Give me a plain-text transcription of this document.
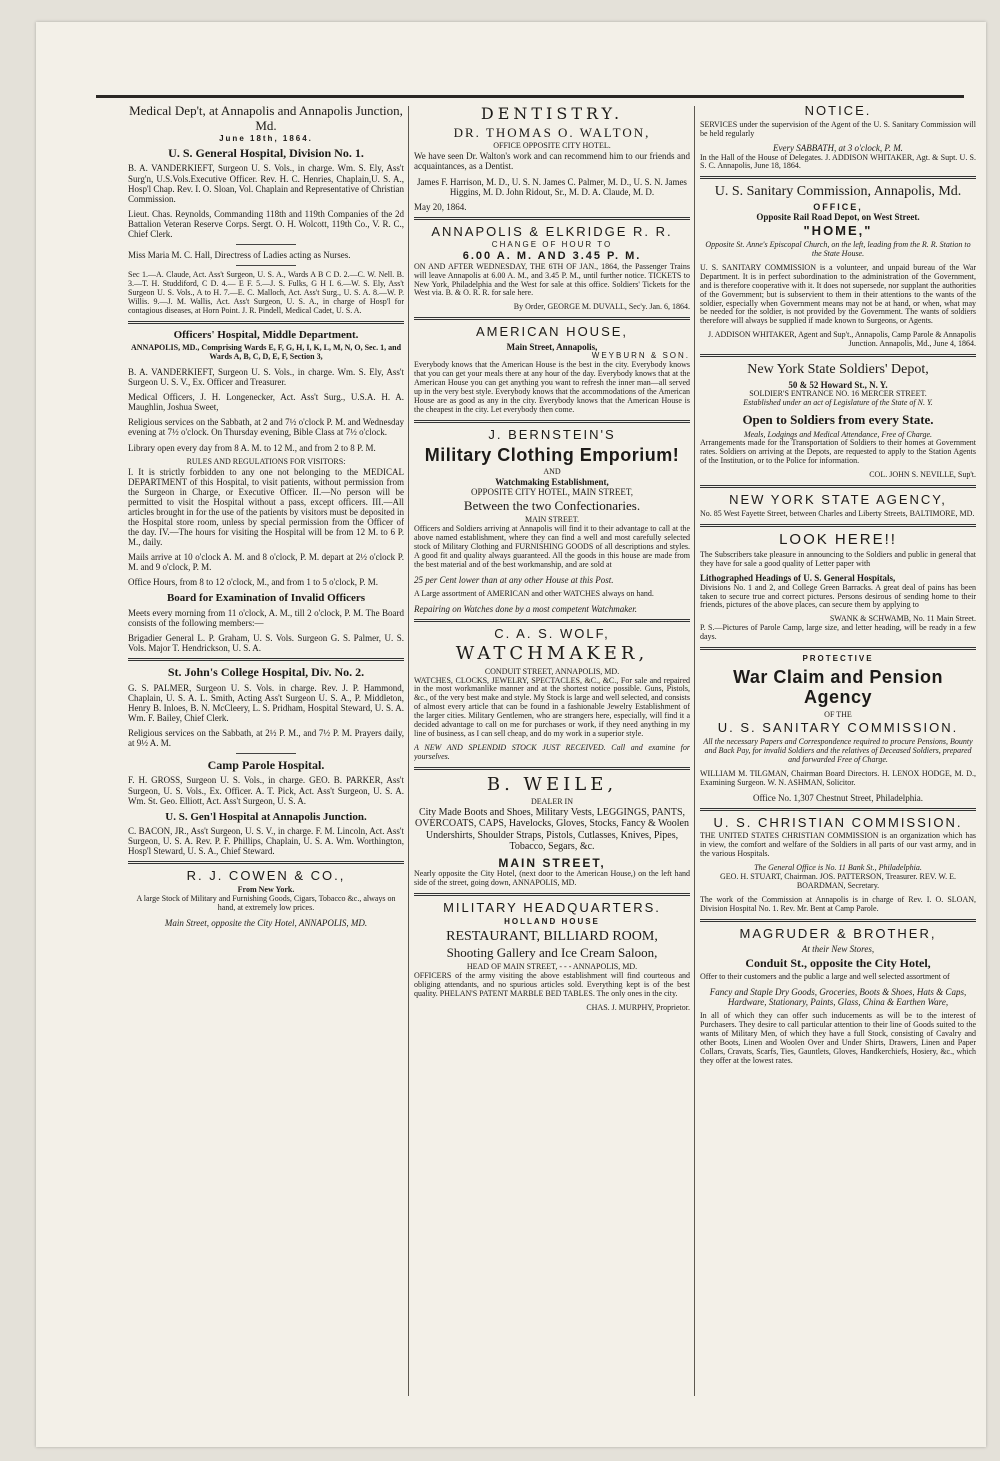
Medical Dep't, at Annapolis and Annapolis Junction, Md.
June 18th, 1864.
U. S. General Hospital, Division No. 1.

B. A. VANDERKIEFT, Surgeon U. S. Vols., in charge. Wm. S. Ely, Ass't Surg'n, U.S.Vols.Executive Officer. Rev. H. C. Henries, Chaplain,U. S. A., Hosp'l Chap. Rev. I. O. Sloan, Vol. Chaplain and Representative of Christian Commission.

Lieut. Chas. Reynolds, Commanding 118th and 119th Companies of the 2d Battalion Veteran Reserve Corps. Sergt. O. H. Wolcott, 119th Co., V. R. C., Chief Clerk.

Miss Maria M. C. Hall, Directress of Ladies acting as Nurses.

Sec 1.—A. Claude, Act. Ass't Surgeon, U. S. A., Wards A B C D. 2.—C. W. Nell. B. 3.—T. H. Studdiford, C D. 4.— E F. 5.—J. S. Fulks, G H I. 6.—W. S. Ely, Ass't Surgeon U. S. Vols., A to H. 7.—E. C. Malloch, Act. Ass't Surg., U. S. A. 8.—W. P. Willis. 9.—J. M. Wallis, Act. Ass't Surgeon, U. S. A., in charge of Hosp'l for contagious diseases, at Horn Point. J. R. Pindell, Medical Cadet, U. S. A.

Officers' Hospital, Middle Department.

ANNAPOLIS, MD., Comprising Wards E, F, G, H, I, K, L, M, N, O, Sec. 1, and Wards A, B, C, D, E, F, Section 3,

B. A. VANDERKIEFT, Surgeon U. S. Vols., in charge. Wm. S. Ely, Ass't Surgeon U. S. V., Ex. Officer and Treasurer.

Medical Officers, J. H. Longenecker, Act. Ass't Surg., U.S.A. H. A. Maughlin, Joshua Sweet,

Religious services on the Sabbath, at 2 and 7½ o'clock P. M. and Wednesday evening at 7½ o'clock. On Thursday evening, Bible Class at 7½ o'clock.

Library open every day from 8 A. M. to 12 M., and from 2 to 8 P. M.

RULES AND REGULATIONS FOR VISITORS:

I. It is strictly forbidden to any one not belonging to the MEDICAL DEPARTMENT of this Hospital, to visit patients, without permission from the Surgeon in Charge, or Executive Officer. II.—No person will be permitted to visit the Hospital without a pass, except officers. III.—All articles brought in for the use of the patients by visitors must be deposited in the Hospital store room, unless by special permission from the Officer of the day. IV.—The hours for visiting the Hospital will be from 12 M. to 6 P. M., daily.

Mails arrive at 10 o'clock A. M. and 8 o'clock, P. M. depart at 2½ o'clock P. M. and 9 o'clock, P. M.

Office Hours, from 8 to 12 o'clock, M., and from 1 to 5 o'clock, P. M.

Board for Examination of Invalid Officers

Meets every morning from 11 o'clock, A. M., till 2 o'clock, P. M. The Board consists of the following members:—

Brigadier General L. P. Graham, U. S. Vols. Surgeon G. S. Palmer, U. S. Vols. Major T. Hendrickson, U. S. A.

St. John's College Hospital, Div. No. 2.

G. S. PALMER, Surgeon U. S. Vols. in charge. Rev. J. P. Hammond, Chaplain, U. S. A. L. Smith, Acting Ass't Surgeon U. S. A., P. Middleton, Henry B. Inloes, B. N. McCleery, L. S. Pridham, Hospital Steward, U. S. A. Wm. F. Bailey, Chief Clerk.

Religious services on the Sabbath, at 2½ P. M., and 7½ P. M. Prayers daily, at 9½ A. M.

Camp Parole Hospital.

F. H. GROSS, Surgeon U. S. Vols., in charge. GEO. B. PARKER, Ass't Surgeon, U. S. Vols., Ex. Officer. A. T. Pick, Act. Ass't Surgeon, U. S. A. Wm. St. Geo. Elliott, Act. Ass't Surgeon, U. S. A.

U. S. Gen'l Hospital at Annapolis Junction.

C. BACON, JR., Ass't Surgeon, U. S. V., in charge. F. M. Lincoln, Act. Ass't Surgeon, U. S. A. Rev. P. F. Phillips, Chaplain, U. S. A. Wm. Worthington, Hosp'l Steward, U. S. A., Chief Steward.

R. J. COWEN & CO.,
From New York.

A large Stock of Military and Furnishing Goods, Cigars, Tobacco &c., always on hand, at extremely low prices.

Main Street, opposite the City Hotel, ANNAPOLIS, MD.

DENTISTRY.
DR. THOMAS O. WALTON,
OFFICE OPPOSITE CITY HOTEL.

We have seen Dr. Walton's work and can recommend him to our friends and acquaintances, as a Dentist.

James F. Harrison, M. D., U. S. N. James C. Palmer, M. D., U. S. N. James Higgins, M. D. John Ridout, Sr., M. D. A. Claude, M. D.

May 20, 1864.

ANNAPOLIS & ELKRIDGE R. R.
CHANGE OF HOUR TO
6.00 A. M. AND 3.45 P. M.

ON AND AFTER WEDNESDAY, THE 6TH OF JAN., 1864, the Passenger Trains will leave Annapolis at 6.00 A. M., and 3.45 P. M., until further notice. TICKETS to New York, Philadelphia and the West for sale at this office. Soldiers' Tickets for the West via. B. & O. R. R. for sale here.

By Order, GEORGE M. DUVALL, Sec'y. Jan. 6, 1864.

AMERICAN HOUSE,
Main Street, Annapolis,
WEYBURN & SON.

Everybody knows that the American House is the best in the city. Everybody knows that you can get your meals there at any hour of the day. Everybody knows that at the American House you can get anything you want to refresh the inner man—all served up in the very best style. Everybody knows that the accommodations of the American House are as good as any in the city. Everybody knows that the American House is the cheapest in the city. Let everybody then come.

J. BERNSTEIN'S
Military Clothing Emporium!
AND
Watchmaking Establishment,
OPPOSITE CITY HOTEL, MAIN STREET,
Between the two Confectionaries.
MAIN STREET.

Officers and Soldiers arriving at Annapolis will find it to their advantage to call at the above named establishment, where they can find a well and most carefully selected stock of Military Clothing and FURNISHING GOODS of all descriptions and styles. A good fit and quality always guaranteed. All the goods in this house are made from the best material and of the best workmanship, and are sold at

25 per Cent lower than at any other House at this Post.

A Large assortment of AMERICAN and other WATCHES always on hand.

Repairing on Watches done by a most competent Watchmaker.

C. A. S. WOLF,
WATCHMAKER,
CONDUIT STREET, ANNAPOLIS, MD.

WATCHES, CLOCKS, JEWELRY, SPECTACLES, &C., &C., For sale and repaired in the most workmanlike manner and at the shortest notice possible. Guns, Pistols, &c., of the very best make and style. My Stock is large and well selected, and consists of almost every article that can be found in a fashionable Jewelry Establishment of the larger cities. Military Gentlemen, who are strangers here, especially, will find it a decided advantage to call on me for purchases or work, if they need anything in my line of business, as I can sell cheap, and do my work in a superior style.

A NEW AND SPLENDID STOCK JUST RECEIVED. Call and examine for yourselves.

B. WEILE,
DEALER IN

City Made Boots and Shoes, Military Vests, LEGGINGS, PANTS, OVERCOATS, CAPS, Havelocks, Gloves, Stocks, Fancy & Woolen Undershirts, Shoulder Straps, Pistols, Cutlasses, Knives, Pipes, Tobacco, Segars, &c.

MAIN STREET,

Nearly opposite the City Hotel, (next door to the American House,) on the left hand side of the street, going down, ANNAPOLIS, MD.

MILITARY HEADQUARTERS.
HOLLAND HOUSE
RESTAURANT, BILLIARD ROOM,
Shooting Gallery and Ice Cream Saloon,
HEAD OF MAIN STREET, - - - ANNAPOLIS, MD.

OFFICERS of the army visiting the above establishment will find courteous and obliging attendants, and no spurious articles sold. Everything kept is of the best quality. PHELAN'S PATENT MARBLE BED TABLES. The only ones in the city.

CHAS. J. MURPHY, Proprietor.

NOTICE.

SERVICES under the supervision of the Agent of the U. S. Sanitary Commission will be held regularly

Every SABBATH, at 3 o'clock, P. M.

In the Hall of the House of Delegates. J. ADDISON WHITAKER, Agt. & Supt. U. S. S. C. Annapolis, June 18, 1864.

U. S. Sanitary Commission, Annapolis, Md.
OFFICE,
Opposite Rail Road Depot, on West Street.
"HOME,"

Opposite St. Anne's Episcopal Church, on the left, leading from the R. R. Station to the State House.

U. S. SANITARY COMMISSION is a volunteer, and unpaid bureau of the War Department. It is in perfect subordination to the administration of the Government, and is therefore cooperative with it. It does not supersede, nor supplant the authorities of the Government; but is subservient to them in their attentions to the wants of the soldier, especially when Government means may not be at hand, or when, what may be needed for the soldier, is not provided by the Government. The wants of soldiers therefore will always be supplied if made known to Surgeons, or Agents.

J. ADDISON WHITAKER, Agent and Sup't., Annapolis, Camp Parole & Annapolis Junction. Annapolis, Md., June 4, 1864.

New York State Soldiers' Depot,
50 & 52 Howard St., N. Y.
SOLDIER'S ENTRANCE NO. 16 MERCER STREET.

Established under an act of Legislature of the State of N. Y.

Open to Soldiers from every State.
Meals, Lodgings and Medical Attendance, Free of Charge.

Arrangements made for the Transportation of Soldiers to their homes at Government rates. Soldiers on arriving at the Depots, are requested to apply to the Station Agents of the Institution, or to the Police for information.

COL. JOHN S. NEVILLE, Sup't.
NEW YORK STATE AGENCY,

No. 85 West Fayette Street, between Charles and Liberty Streets, BALTIMORE, MD.

LOOK HERE!!

The Subscribers take pleasure in announcing to the Soldiers and public in general that they have for sale a good quality of Letter paper with

Lithographed Headings of U. S. General Hospitals,

Divisions No. 1 and 2, and College Green Barracks. A great deal of pains has been taken to secure true and correct pictures. Persons desirous of sending home to their friends, pictures of the above places, can secure them by applying to

SWANK & SCHWAMB, No. 11 Main Street.

P. S.—Pictures of Parole Camp, large size, and letter heading, will be ready in a few days.

PROTECTIVE
War Claim and Pension Agency
OF THE
U. S. SANITARY COMMISSION.

All the necessary Papers and Correspondence required to procure Pensions, Bounty and Back Pay, for invalid Soldiers and the relatives of Deceased Soldiers, prepared and forwarded Free of Charge.

WILLIAM M. TILGMAN, Chairman Board Directors. H. LENOX HODGE, M. D., Examining Surgeon. W. N. ASHMAN, Solicitor.

Office No. 1,307 Chestnut Street, Philadelphia.
U. S. CHRISTIAN COMMISSION.

THE UNITED STATES CHRISTIAN COMMISSION is an organization which has in view, the comfort and welfare of the Soldiers in all parts of our vast army, and in the various Hospitals.

The General Office is No. 11 Bank St., Philadelphia.

GEO. H. STUART, Chairman. JOS. PATTERSON, Treasurer. REV. W. E. BOARDMAN, Secretary.

The work of the Commission at Annapolis is in charge of Rev. I. O. SLOAN, Division Hospital No. 1. Rev. Mr. Bent at Camp Parole.

MAGRUDER & BROTHER,
At their New Stores,
Conduit St., opposite the City Hotel,

Offer to their customers and the public a large and well selected assortment of

Fancy and Staple Dry Goods, Groceries, Boots & Shoes, Hats & Caps, Hardware, Stationary, Paints, Glass, China & Earthen Ware,

In all of which they can offer such inducements as will be to the interest of Purchasers. They desire to call particular attention to their line of Goods suited to the wants of Military Men, of which they have a full Stock, consisting of Cavalry and other Boots, Linen and Woolen Over and Under Shirts, Drawers, Linen and Paper Collars, Cravats, Scarfs, Ties, Gauntlets, Gloves, Handkerchiefs, Hosiery, &c., which they offer at the lowest rates.
